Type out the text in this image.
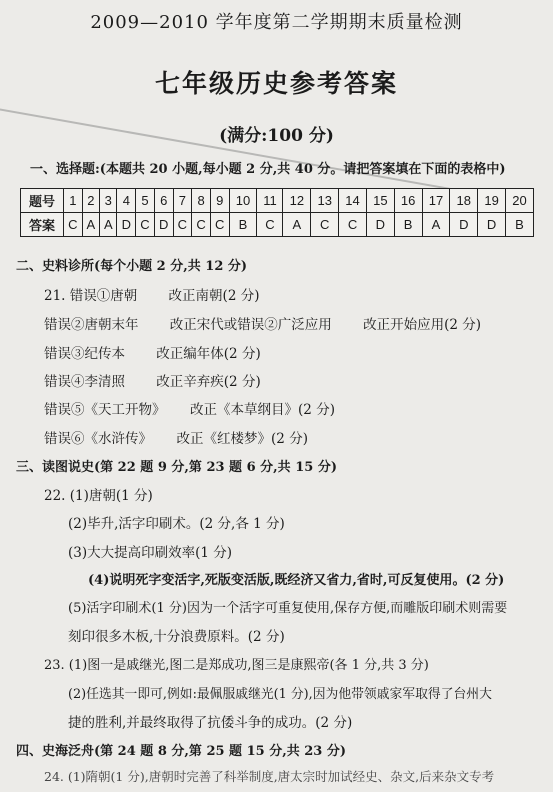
2009—2010 学年度第二学期期末质量检测
七年级历史参考答案
(满分:100 分)
一、选择题:(本题共 20 小题,每小题 2 分,共 40 分。请把答案填在下面的表格中)
题号	1	2	3	4	5	6	7	8	9	10	11	12	13	14	15	16	17	18	19	20
答案	C	A	A	D	C	D	C	C	C	B	C	A	C	C	D	B	A	D	D	B
二、史料诊所(每个小题 2 分,共 12 分)
21. 错误①唐朝　　 改正南朝(2 分)
错误②唐朝末年　　 改正宋代或错误②广泛应用　　 改正开始应用(2 分)
错误③纪传本　　 改正编年体(2 分)
错误④李清照　　 改正辛弃疾(2 分)
错误⑤《天工开物》　　 改正《本草纲目》(2 分)
错误⑥《水浒传》　　 改正《红楼梦》(2 分)
三、读图说史(第 22 题 9 分,第 23 题 6 分,共 15 分)
22. (1)唐朝(1 分)
(2)毕升,活字印刷术。(2 分,各 1 分)
(3)大大提高印刷效率(1 分)
(4)说明死字变活字,死版变活版,既经济又省力,省时,可反复使用。(2 分)
(5)活字印刷术(1 分)因为一个活字可重复使用,保存方便,而雕版印刷术则需要
刻印很多木板,十分浪费原料。(2 分)
23. (1)图一是戚继光,图二是郑成功,图三是康熙帝(各 1 分,共 3 分)
(2)任选其一即可,例如:最佩服戚继光(1 分),因为他带领戚家军取得了台州大
捷的胜利,并最终取得了抗倭斗争的成功。(2 分)
四、史海泛舟(第 24 题 8 分,第 25 题 15 分,共 23 分)
24. (1)隋朝(1 分),唐朝时完善了科举制度,唐太宗时加试经史、杂文,后来杂文专考
